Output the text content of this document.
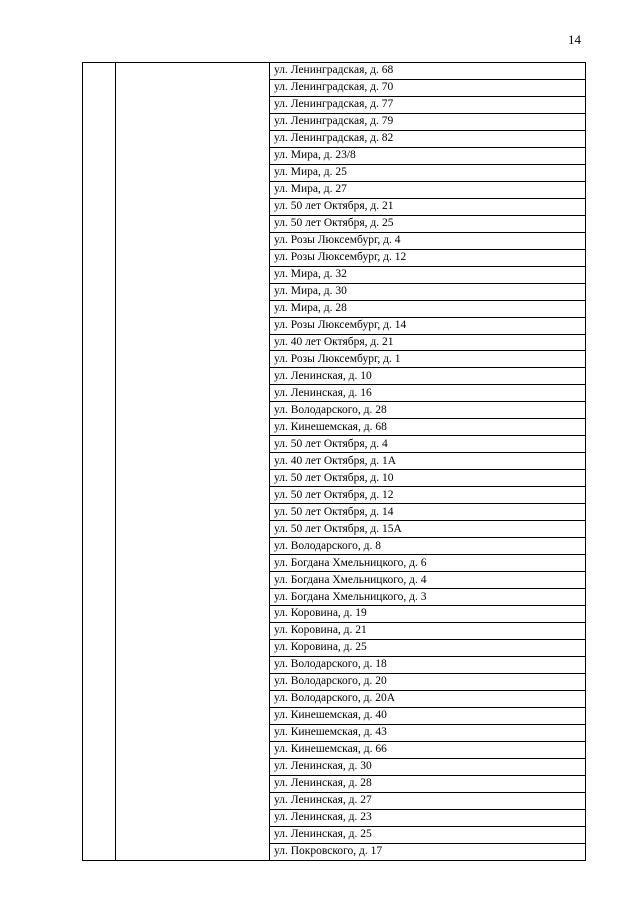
14
		ул. Ленинградская, д. 68
ул. Ленинградская, д. 70
ул. Ленинградская, д. 77
ул. Ленинградская, д. 79
ул. Ленинградская, д. 82
ул. Мира, д. 23/8
ул. Мира, д. 25
ул. Мира, д. 27
ул. 50 лет Октября, д. 21
ул. 50 лет Октября, д. 25
ул. Розы Люксембург, д. 4
ул. Розы Люксембург, д. 12
ул. Мира, д. 32
ул. Мира, д. 30
ул. Мира, д. 28
ул. Розы Люксембург, д. 14
ул. 40 лет Октября, д. 21
ул. Розы Люксембург, д. 1
ул. Ленинская, д. 10
ул. Ленинская, д. 16
ул. Володарского, д. 28
ул. Кинешемская, д. 68
ул. 50 лет Октября, д. 4
ул. 40 лет Октября, д. 1А
ул. 50 лет Октября, д. 10
ул. 50 лет Октября, д. 12
ул. 50 лет Октября, д. 14
ул. 50 лет Октября, д. 15А
ул. Володарского, д. 8
ул. Богдана Хмельницкого, д. 6
ул. Богдана Хмельницкого, д. 4
ул. Богдана Хмельницкого, д. 3
ул. Коровина, д. 19
ул. Коровина, д. 21
ул. Коровина, д. 25
ул. Володарского, д. 18
ул. Володарского, д. 20
ул. Володарского, д. 20А
ул. Кинешемская, д. 40
ул. Кинешемская, д. 43
ул. Кинешемская, д. 66
ул. Ленинская, д. 30
ул. Ленинская, д. 28
ул. Ленинская, д. 27
ул. Ленинская, д. 23
ул. Ленинская, д. 25
ул. Покровского, д. 17
